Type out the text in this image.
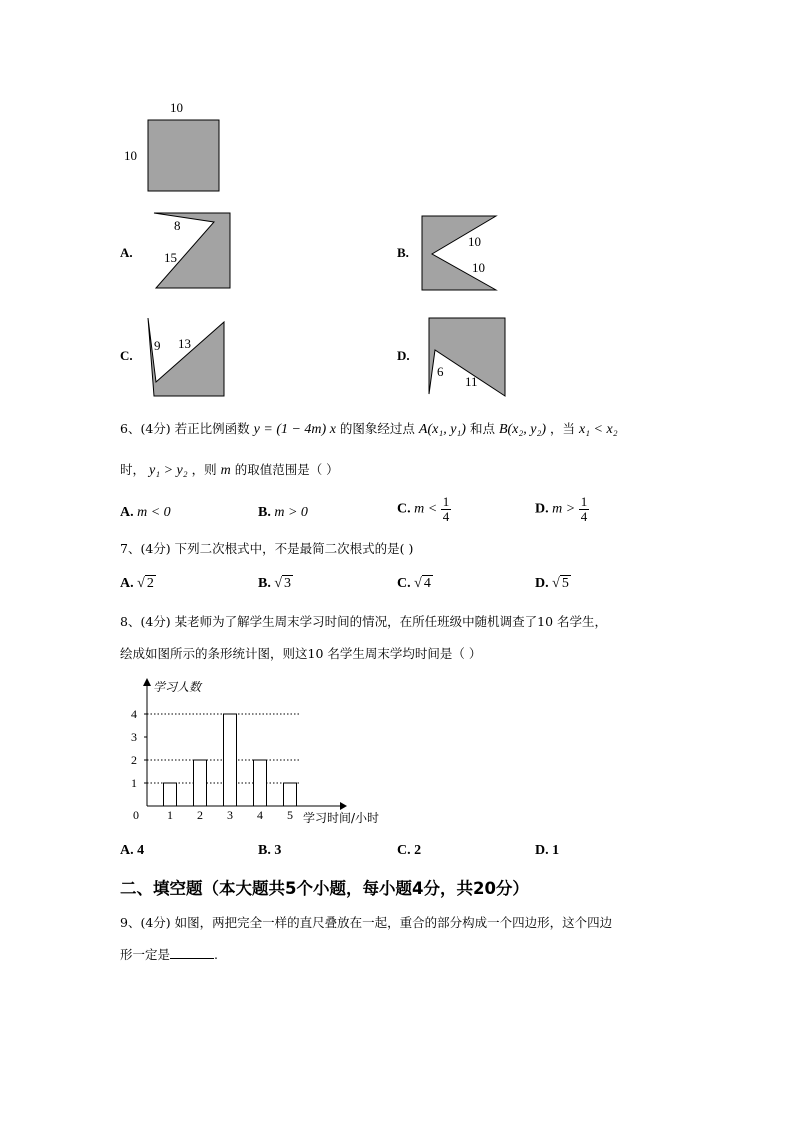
10
10
A.
8
15	B.
10
10
C.
9 13
D.
6
11
6、(4分) 若正比例函数 y = (1 − 4m) x 的图象经过点 A(x₁, y₁) 和点 B(x₂, y₂) ，当 x₁ < x₂
时， y₁ > y₂ ，则 m 的取值范围是（ ）
A. m < 0	B. m > 0	C. $m < \frac{1}{4}$	D. $m > \frac{1}{4}$
7、(4分) 下列二次根式中，不是最简二次根式的是( )
A. √ 2	B. √ 3	C. √ 4	D. √ 5
8、(4分) 某老师为了解学生周末学习时间的情况，在所任班级中随机调查了10 名学生，
绘成如图所示的条形统计图，则这10 名学生周末学均时间是（ ）
1
2
3
4
0 1 2 3 4 5
学习人数
学习时间/小时
A. 4	B. 3	C. 2	D. 1
二、填空题（本大题共5个小题，每小题4分，共20分）
9、(4分) 如图，两把完全一样的直尺叠放在一起，重合的部分构成一个四边形，这个四边
形一定是	.
